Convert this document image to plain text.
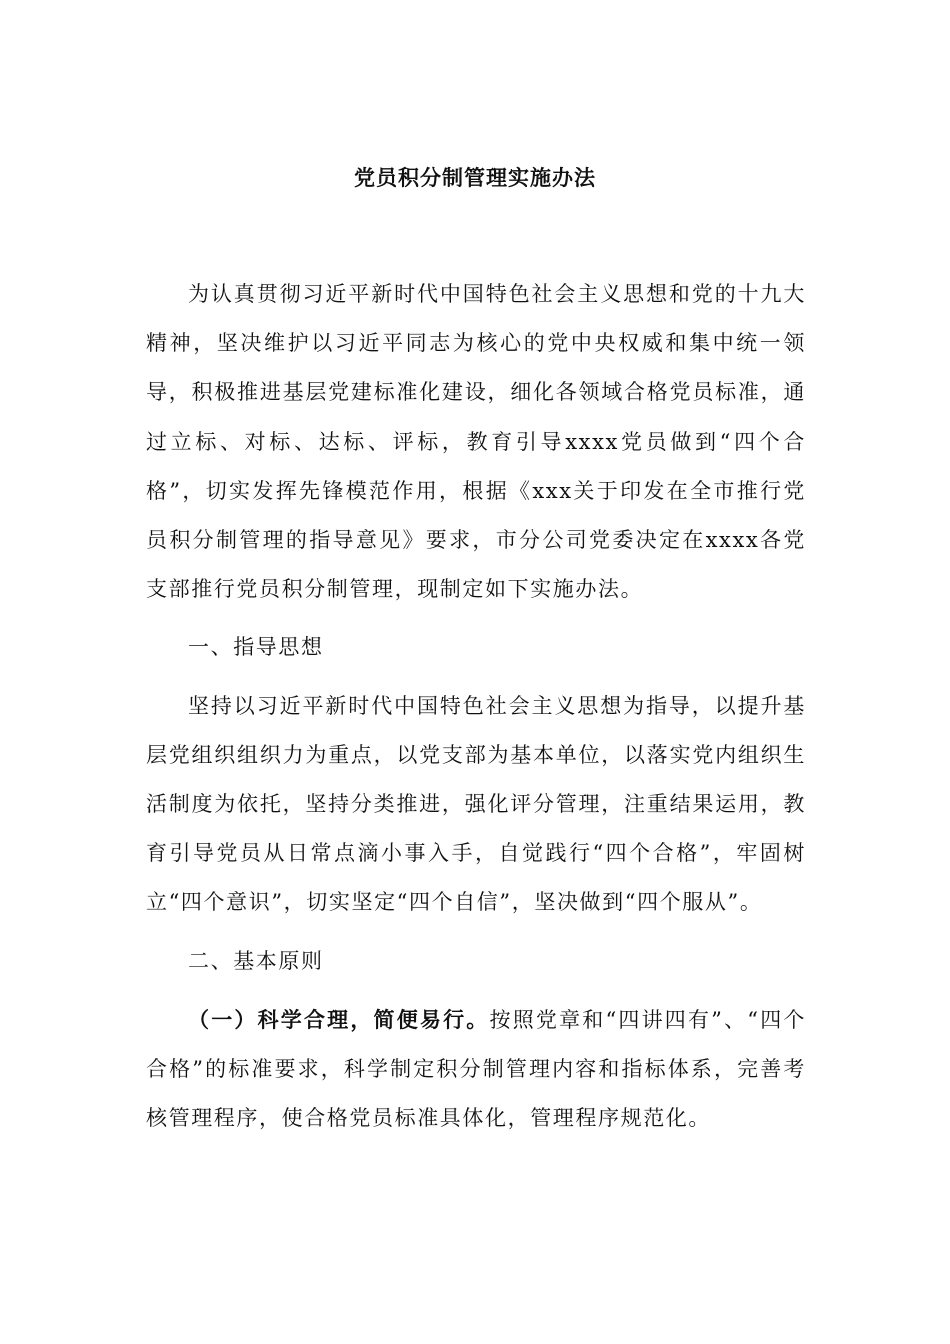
党员积分制管理实施办法

为认真贯彻习近平新时代中国特色社会主义思想和党的十九大精神，坚决维护以习近平同志为核心的党中央权威和集中统一领导，积极推进基层党建标准化建设，细化各领域合格党员标准，通过立标、对标、达标、评标，教育引导xxxx党员做到“四个合格”，切实发挥先锋模范作用，根据《xxx关于印发在全市推行党员积分制管理的指导意见》要求，市分公司党委决定在xxxx各党支部推行党员积分制管理，现制定如下实施办法。

一、指导思想

坚持以习近平新时代中国特色社会主义思想为指导，以提升基层党组织组织力为重点，以党支部为基本单位，以落实党内组织生活制度为依托，坚持分类推进，强化评分管理，注重结果运用，教育引导党员从日常点滴小事入手，自觉践行“四个合格”，牢固树立“四个意识”，切实坚定“四个自信”，坚决做到“四个服从”。

二、基本原则

（一）科学合理，简便易行。按照党章和“四讲四有”、“四个合格”的标准要求，科学制定积分制管理内容和指标体系，完善考核管理程序，使合格党员标准具体化，管理程序规范化。
